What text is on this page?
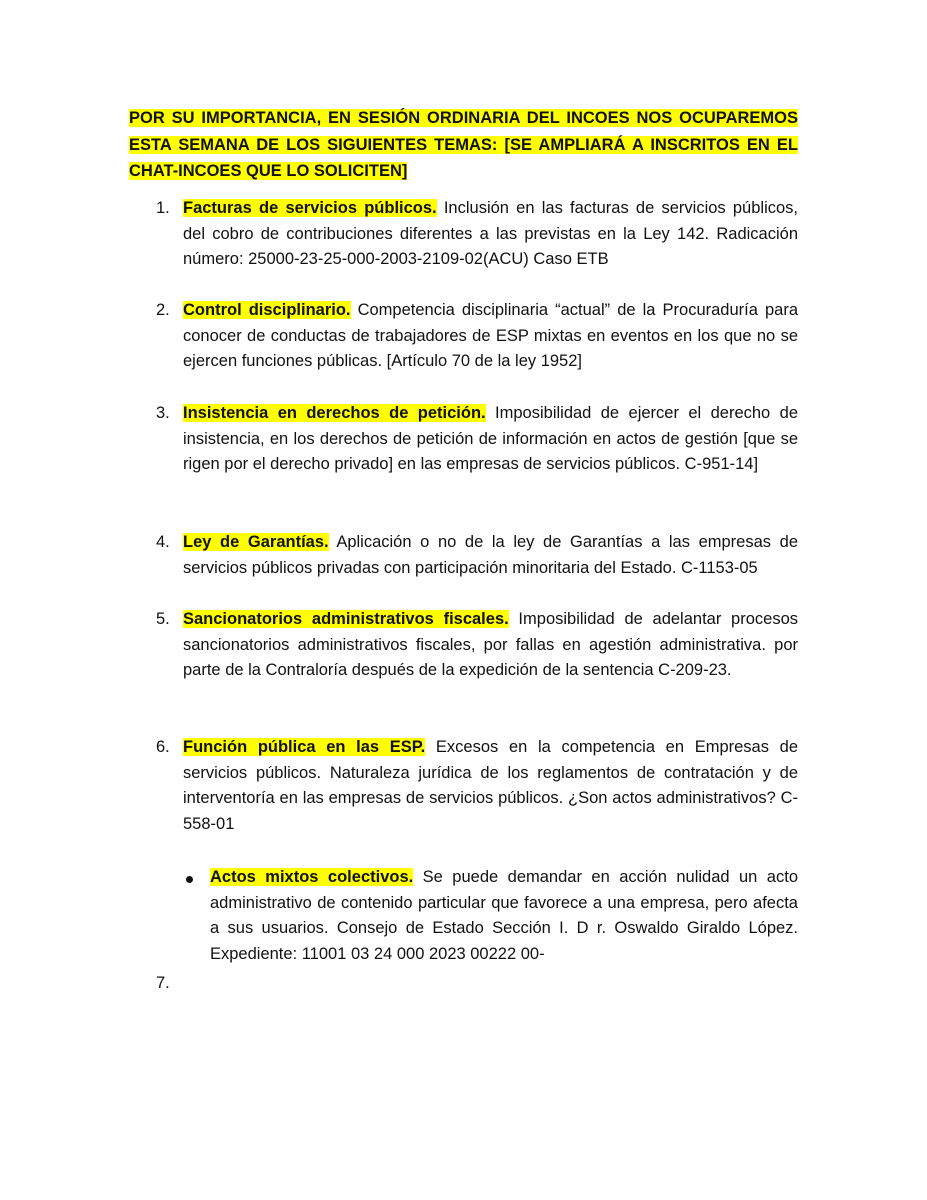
POR SU IMPORTANCIA, EN SESIÓN ORDINARIA DEL INCOES NOS OCUPAREMOS ESTA SEMANA DE LOS SIGUIENTES TEMAS: [SE AMPLIARÁ A INSCRITOS EN EL CHAT-INCOES QUE LO SOLICITEN]
1. Facturas de servicios públicos. Inclusión en las facturas de servicios públicos, del cobro de contribuciones diferentes a las previstas en la Ley 142. Radicación número: 25000-23-25-000-2003-2109-02(ACU) Caso ETB
2. Control disciplinario. Competencia disciplinaria “actual” de la Procuraduría para conocer de conductas de trabajadores de ESP mixtas en eventos en los que no se ejercen funciones públicas. [Artículo 70 de la ley 1952]
3. Insistencia en derechos de petición. Imposibilidad de ejercer el derecho de insistencia, en los derechos de petición de información en actos de gestión [que se rigen por el derecho privado] en las empresas de servicios públicos. C-951-14]
4. Ley de Garantías. Aplicación o no de la ley de Garantías a las empresas de servicios públicos privadas con participación minoritaria del Estado. C-1153-05
5. Sancionatorios administrativos fiscales. Imposibilidad de adelantar procesos sancionatorios administrativos fiscales, por fallas en agestión administrativa. por parte de la Contraloría después de la expedición de la sentencia C-209-23.
6. Función pública en las ESP. Excesos en la competencia en Empresas de servicios públicos. Naturaleza jurídica de los reglamentos de contratación y de interventoría en las empresas de servicios públicos. ¿Son actos administrativos? C-558-01
Actos mixtos colectivos. Se puede demandar en acción nulidad un acto administrativo de contenido particular que favorece a una empresa, pero afecta a sus usuarios. Consejo de Estado Sección I. D r. Oswaldo Giraldo López. Expediente: 11001 03 24 000 2023 00222 00-
7.
